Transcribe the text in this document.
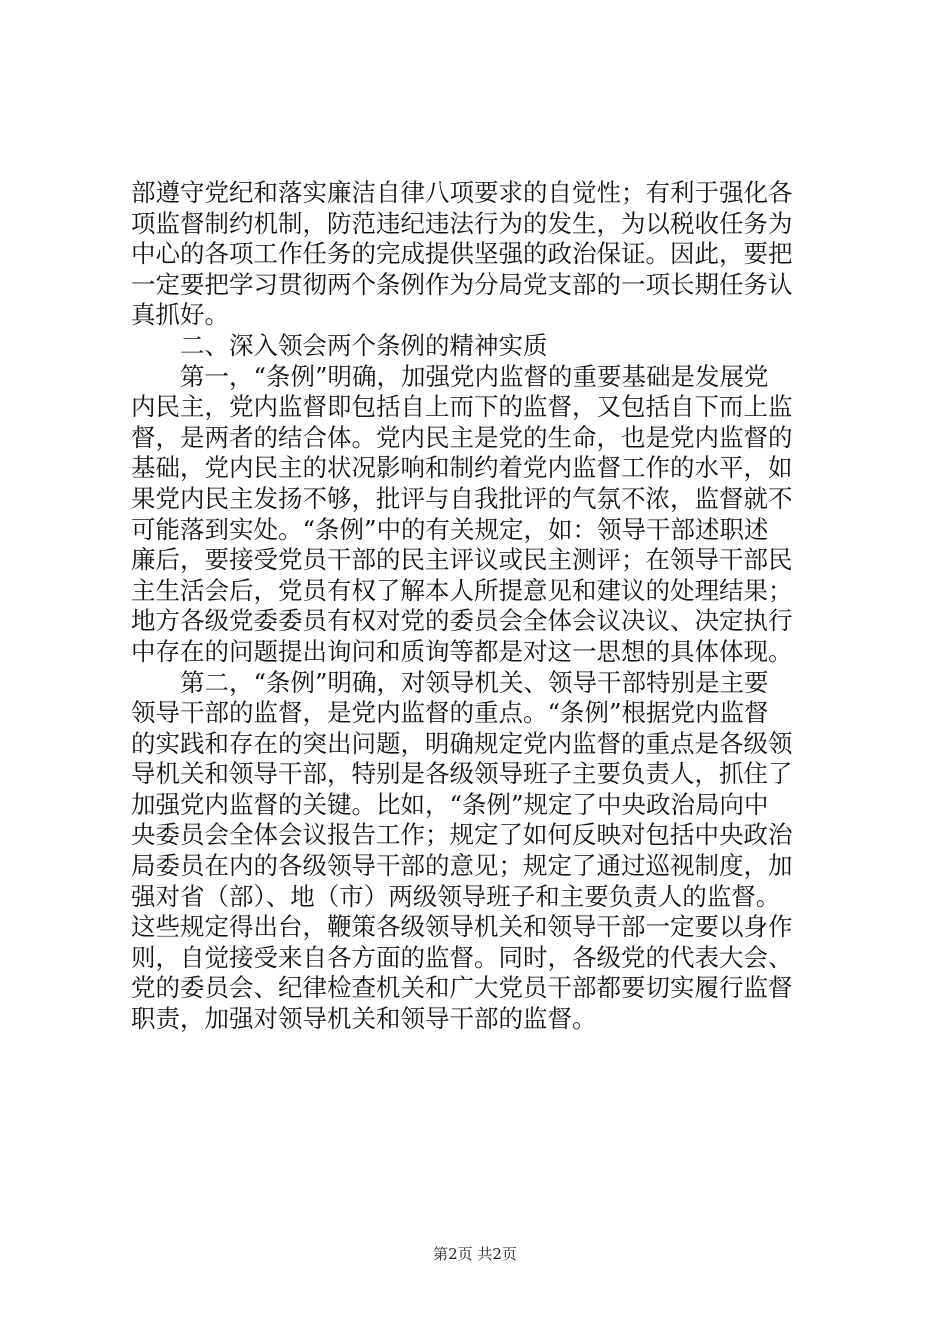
部遵守党纪和落实廉洁自律八项要求的自觉性；有利于强化各
项监督制约机制，防范违纪违法行为的发生，为以税收任务为
中心的各项工作任务的完成提供坚强的政治保证。因此，要把
一定要把学习贯彻两个条例作为分局党支部的一项长期任务认
真抓好。
二、深入领会两个条例的精神实质
第一，“条例”明确，加强党内监督的重要基础是发展党
内民主，党内监督即包括自上而下的监督，又包括自下而上监
督，是两者的结合体。党内民主是党的生命，也是党内监督的
基础，党内民主的状况影响和制约着党内监督工作的水平，如
果党内民主发扬不够，批评与自我批评的气氛不浓，监督就不
可能落到实处。“条例”中的有关规定，如：领导干部述职述
廉后，要接受党员干部的民主评议或民主测评；在领导干部民
主生活会后，党员有权了解本人所提意见和建议的处理结果；
地方各级党委委员有权对党的委员会全体会议决议、决定执行
中存在的问题提出询问和质询等都是对这一思想的具体体现。
第二，“条例”明确，对领导机关、领导干部特别是主要
领导干部的监督，是党内监督的重点。“条例”根据党内监督
的实践和存在的突出问题，明确规定党内监督的重点是各级领
导机关和领导干部，特别是各级领导班子主要负责人，抓住了
加强党内监督的关键。比如，“条例”规定了中央政治局向中
央委员会全体会议报告工作；规定了如何反映对包括中央政治
局委员在内的各级领导干部的意见；规定了通过巡视制度，加
强对省（部）、地（市）两级领导班子和主要负责人的监督。
这些规定得出台，鞭策各级领导机关和领导干部一定要以身作
则，自觉接受来自各方面的监督。同时，各级党的代表大会、
党的委员会、纪律检查机关和广大党员干部都要切实履行监督
职责，加强对领导机关和领导干部的监督。
第2页 共2页
